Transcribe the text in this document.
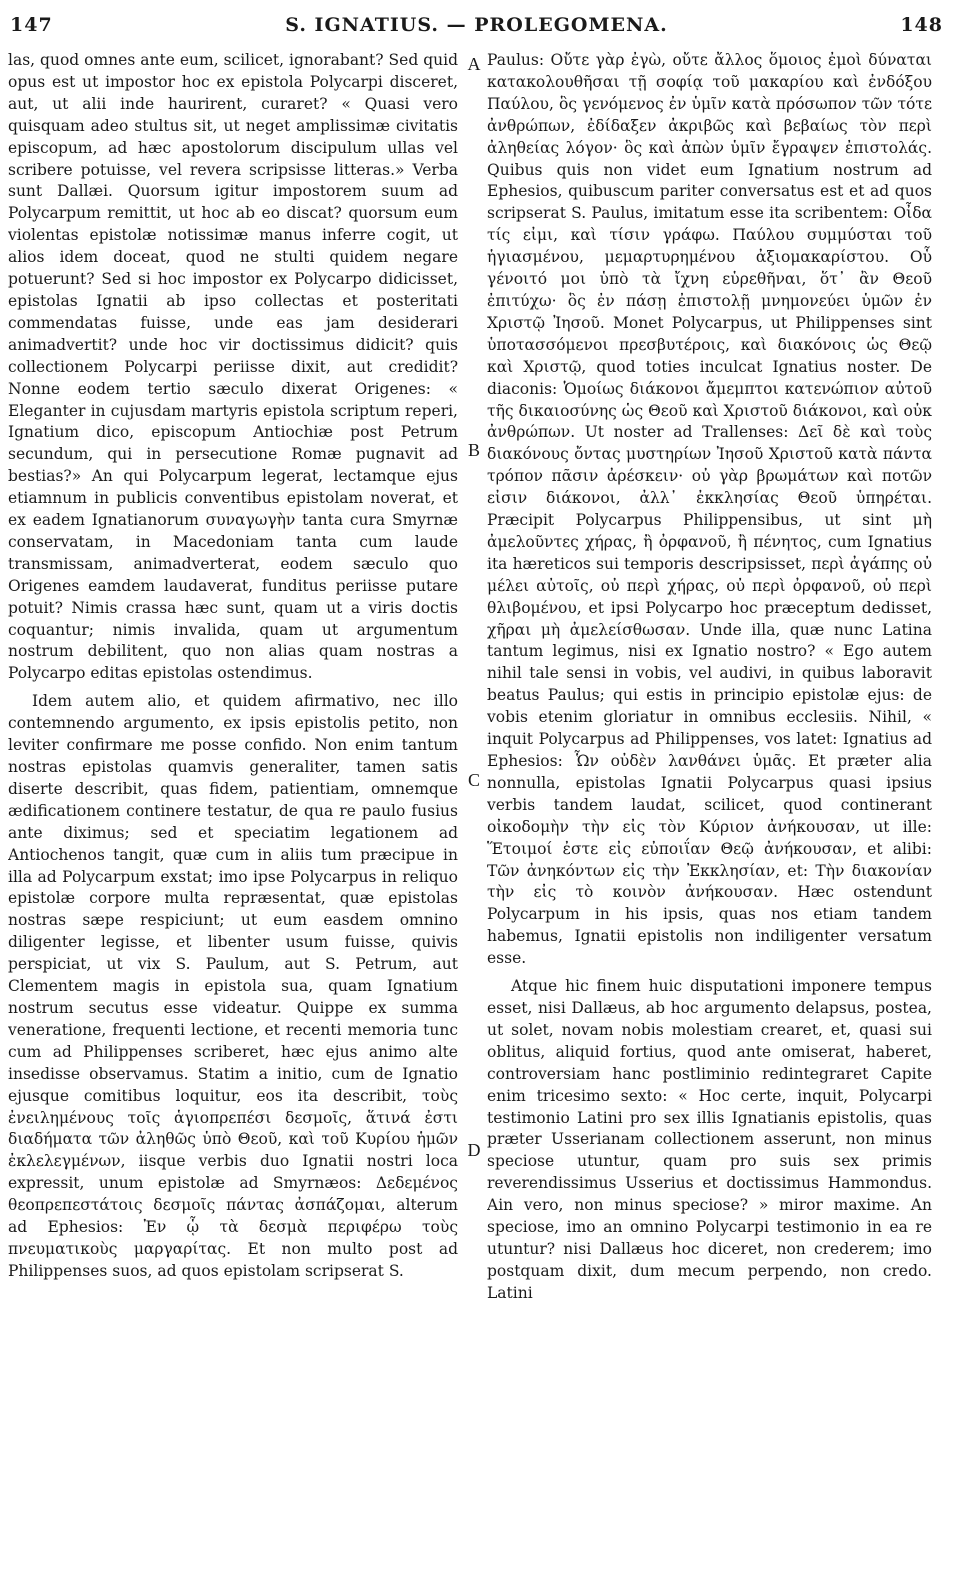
147	S. IGNATIUS. — PROLEGOMENA.	148

las, quod omnes ante eum, scilicet, ignorabant? Sed quid opus est ut impostor hoc ex epistola Polycarpi disceret, aut, ut alii inde haurirent, curaret? « Quasi vero quisquam adeo stultus sit, ut neget amplissimæ civitatis episcopum, ad hæc apostolorum discipulum ullas vel scribere potuisse, vel revera scripsisse litteras.» Verba sunt Dallæi. Quorsum igitur impostorem suum ad Polycarpum remittit, ut hoc ab eo discat? quorsum eum violentas epistolæ notissimæ manus inferre cogit, ut alios idem doceat, quod ne stulti quidem negare potuerunt? Sed si hoc impostor ex Polycarpo didicisset, epistolas Ignatii ab ipso collectas et posteritati commendatas fuisse, unde eas jam desiderari animadvertit? unde hoc vir doctissimus didicit? quis collectionem Polycarpi periisse dixit, aut credidit? Nonne eodem tertio sæculo dixerat Origenes: « Eleganter in cujusdam martyris epistola scriptum reperi, Ignatium dico, episcopum Antiochiæ post Petrum secundum, qui in persecutione Romæ pugnavit ad bestias?» An qui Polycarpum legerat, lectamque ejus etiamnum in publicis conventibus epistolam noverat, et ex eadem Ignatianorum συναγωγὴν tanta cura Smyrnæ conservatam, in Macedoniam tanta cum laude transmissam, animadverterat, eodem sæculo quo Origenes eamdem laudaverat, funditus periisse putare potuit? Nimis crassa hæc sunt, quam ut a viris doctis coquantur; nimis invalida, quam ut argumentum nostrum debilitent, quo non alias quam nostras a Polycarpo editas epistolas ostendimus.

Idem autem alio, et quidem afirmativo, nec illo contemnendo argumento, ex ipsis epistolis petito, non leviter confirmare me posse confido. Non enim tantum nostras epistolas quamvis generaliter, tamen satis diserte describit, quas fidem, patientiam, omnemque ædificationem continere testatur, de qua re paulo fusius ante diximus; sed et speciatim legationem ad Antiochenos tangit, quæ cum in aliis tum præcipue in illa ad Polycarpum exstat; imo ipse Polycarpus in reliquo epistolæ corpore multa repræsentat, quæ epistolas nostras sæpe respiciunt; ut eum easdem omnino diligenter legisse, et libenter usum fuisse, quivis perspiciat, ut vix S. Paulum, aut S. Petrum, aut Clementem magis in epistola sua, quam Ignatium nostrum secutus esse videatur. Quippe ex summa veneratione, frequenti lectione, et recenti memoria tunc cum ad Philippenses scriberet, hæc ejus animo alte insedisse observamus. Statim a initio, cum de Ignatio ejusque comitibus loquitur, eos ita describit, τοὺς ἐνειλημένους τοῖς ἁγιοπρεπέσι δεσμοῖς, ἅτινά ἐστι διαδήματα τῶν ἀληθῶς ὑπὸ Θεοῦ, καὶ τοῦ Κυρίου ἡμῶν ἐκλελεγμένων, iisque verbis duo Ignatii nostri loca expressit, unum epistolæ ad Smyrnæos: Δεδεμένος θεοπρεπεστάτοις δεσμοῖς πάντας ἀσπάζομαι, alterum ad Ephesios: Ἐν ᾧ τὰ δεσμὰ περιφέρω τοὺς πνευματικοὺς μαργαρίτας. Et non multo post ad Philippenses suos, ad quos epistolam scripserat S.

A
B
C
D

Paulus: Οὔτε γὰρ ἐγὼ, οὔτε ἄλλος ὅμοιος ἐμοὶ δύναται κατακολουθῆσαι τῇ σοφίᾳ τοῦ μακαρίου καὶ ἐνδόξου Παύλου, ὃς γενόμενος ἐν ὑμῖν κατὰ πρόσωπον τῶν τότε ἀνθρώπων, ἐδίδαξεν ἀκριβῶς καὶ βεβαίως τὸν περὶ ἀληθείας λόγον· ὃς καὶ ἀπὼν ὑμῖν ἔγραψεν ἐπιστολάς. Quibus quis non videt eum Ignatium nostrum ad Ephesios, quibuscum pariter conversatus est et ad quos scripserat S. Paulus, imitatum esse ita scribentem: Οἶδα τίς εἰμι, καὶ τίσιν γράφω. Παύλου συμμύσται τοῦ ἡγιασμένου, μεμαρτυρημένου ἀξιομακαρίστου. Οὗ γένοιτό μοι ὑπὸ τὰ ἴχνη εὑρεθῆναι, ὅτ᾽ ἂν Θεοῦ ἐπιτύχω· ὃς ἐν πάσῃ ἐπιστολῇ μνημονεύει ὑμῶν ἐν Χριστῷ Ἰησοῦ. Monet Polycarpus, ut Philippenses sint ὑποτασσόμενοι πρεσβυτέροις, καὶ διακόνοις ὡς Θεῷ καὶ Χριστῷ, quod toties inculcat Ignatius noster. De diaconis: Ὁμοίως διάκονοι ἄμεμπτοι κατενώπιον αὐτοῦ τῆς δικαιοσύνης ὡς Θεοῦ καὶ Χριστοῦ διάκονοι, καὶ οὐκ ἀνθρώπων. Ut noster ad Trallenses: Δεῖ δὲ καὶ τοὺς διακόνους ὄντας μυστηρίων Ἰησοῦ Χριστοῦ κατὰ πάντα τρόπον πᾶσιν ἀρέσκειν· οὐ γὰρ βρωμάτων καὶ ποτῶν εἰσιν διάκονοι, ἀλλ᾽ ἐκκλησίας Θεοῦ ὑπηρέται. Præcipit Polycarpus Philippensibus, ut sint μὴ ἀμελοῦντες χήρας, ἢ ὀρφανοῦ, ἢ πένητος, cum Ignatius ita hæreticos sui temporis descripsisset, περὶ ἀγάπης οὐ μέλει αὐτοῖς, οὐ περὶ χήρας, οὐ περὶ ὀρφανοῦ, οὐ περὶ θλιβομένου, et ipsi Polycarpo hoc præceptum dedisset, χῆραι μὴ ἀμελείσθωσαν. Unde illa, quæ nunc Latina tantum legimus, nisi ex Ignatio nostro? « Ego autem nihil tale sensi in vobis, vel audivi, in quibus laboravit beatus Paulus; qui estis in principio epistolæ ejus: de vobis etenim gloriatur in omnibus ecclesiis. Nihil, « inquit Polycarpus ad Philippenses, vos latet: Ignatius ad Ephesios: Ὧν οὐδὲν λανθάνει ὑμᾶς. Et præter alia nonnulla, epistolas Ignatii Polycarpus quasi ipsius verbis tandem laudat, scilicet, quod continerant οἰκοδομὴν τὴν εἰς τὸν Κύριον ἀνήκουσαν, ut ille: Ἕτοιμοί ἐστε εἰς εὐποιΐαν Θεῷ ἀνήκουσαν, et alibi: Τῶν ἀνηκόντων εἰς τὴν Ἐκκλησίαν, et: Τὴν διακονίαν τὴν εἰς τὸ κοινὸν ἀνήκουσαν. Hæc ostendunt Polycarpum in his ipsis, quas nos etiam tandem habemus, Ignatii epistolis non indiligenter versatum esse.

Atque hic finem huic disputationi imponere tempus esset, nisi Dallæus, ab hoc argumento delapsus, postea, ut solet, novam nobis molestiam crearet, et, quasi sui oblitus, aliquid fortius, quod ante omiserat, haberet, controversiam hanc postliminio redintegraret Capite enim tricesimo sexto: « Hoc certe, inquit, Polycarpi testimonio Latini pro sex illis Ignatianis epistolis, quas præter Usserianam collectionem asserunt, non minus speciose utuntur, quam pro suis sex primis reverendissimus Usserius et doctissimus Hammondus. Ain vero, non minus speciose? » miror maxime. An speciose, imo an omnino Polycarpi testimonio in ea re utuntur? nisi Dallæus hoc diceret, non crederem; imo postquam dixit, dum mecum perpendo, non credo. Latini
